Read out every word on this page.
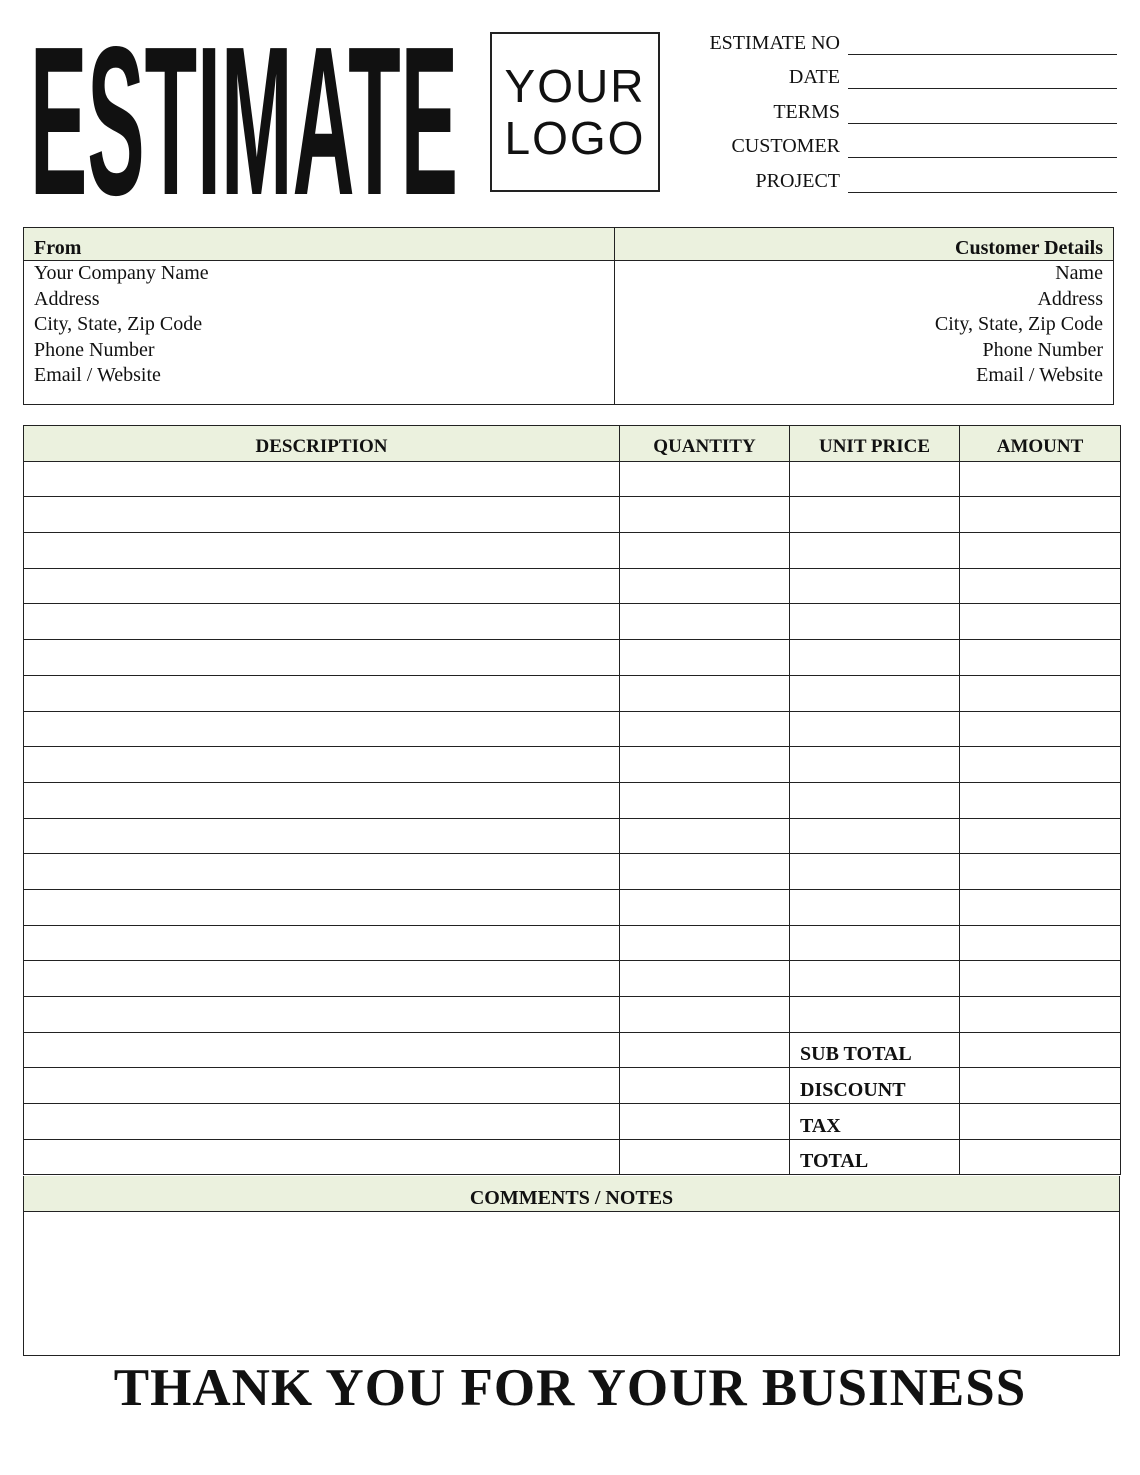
ESTIMATE YOUR
LOGO
ESTIMATE NO
DATE
TERMS
CUSTOMER
PROJECT
From
Your Company Name
Address
City, State, Zip Code
Phone Number
Email / Website
Customer Details
Name
Address
City, State, Zip Code
Phone Number
Email / Website
DESCRIPTION	QUANTITY	UNIT PRICE	AMOUNT

		SUB TOTAL	
		DISCOUNT	
		TAX	
		TOTAL	
COMMENTS / NOTES
THANK YOU FOR YOUR BUSINESS
